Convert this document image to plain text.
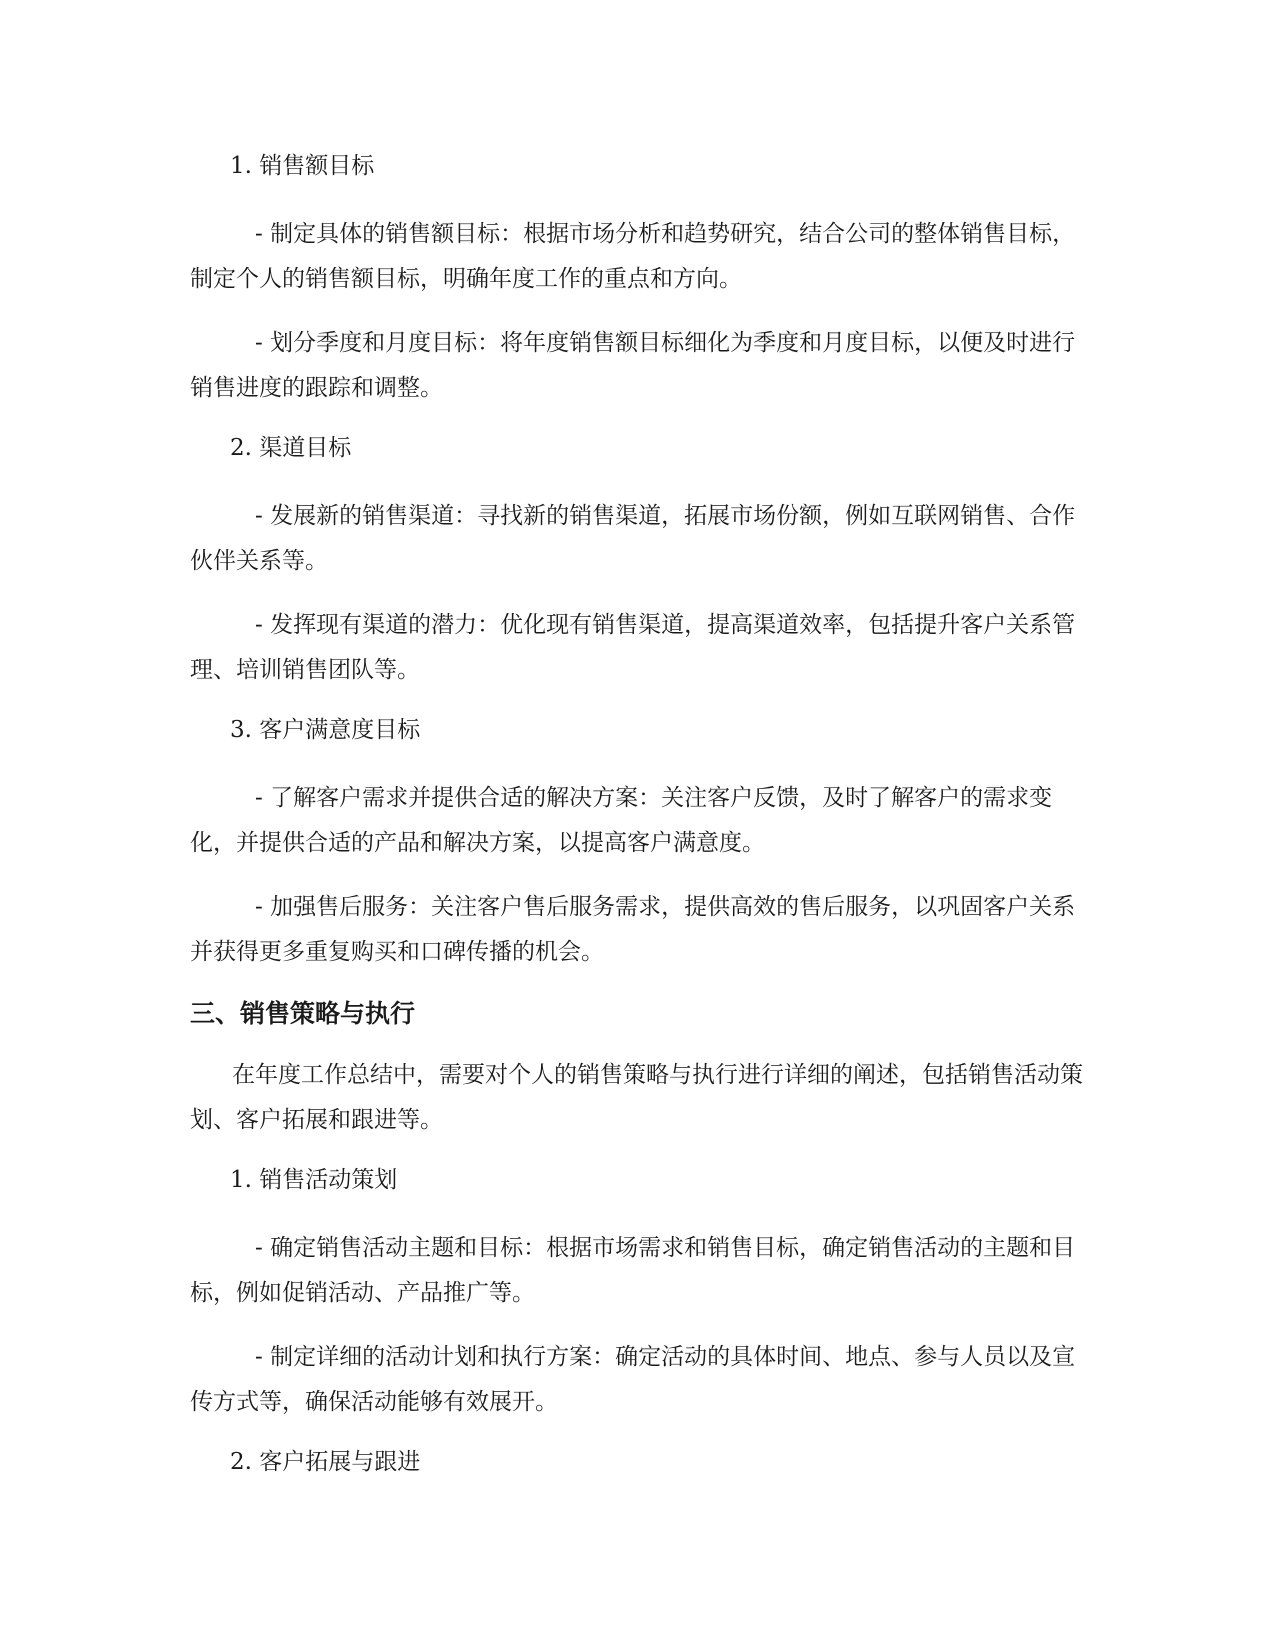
1. 销售额目标

- 制定具体的销售额目标：根据市场分析和趋势研究，结合公司的整体销售目标，制定个人的销售额目标，明确年度工作的重点和方向。

- 划分季度和月度目标：将年度销售额目标细化为季度和月度目标，以便及时进行销售进度的跟踪和调整。

2. 渠道目标

- 发展新的销售渠道：寻找新的销售渠道，拓展市场份额，例如互联网销售、合作伙伴关系等。

- 发挥现有渠道的潜力：优化现有销售渠道，提高渠道效率，包括提升客户关系管理、培训销售团队等。

3. 客户满意度目标

- 了解客户需求并提供合适的解决方案：关注客户反馈，及时了解客户的需求变化，并提供合适的产品和解决方案，以提高客户满意度。

- 加强售后服务：关注客户售后服务需求，提供高效的售后服务，以巩固客户关系并获得更多重复购买和口碑传播的机会。

三、销售策略与执行

在年度工作总结中，需要对个人的销售策略与执行进行详细的阐述，包括销售活动策划、客户拓展和跟进等。

1. 销售活动策划

- 确定销售活动主题和目标：根据市场需求和销售目标，确定销售活动的主题和目标，例如促销活动、产品推广等。

- 制定详细的活动计划和执行方案：确定活动的具体时间、地点、参与人员以及宣传方式等，确保活动能够有效展开。

2. 客户拓展与跟进
